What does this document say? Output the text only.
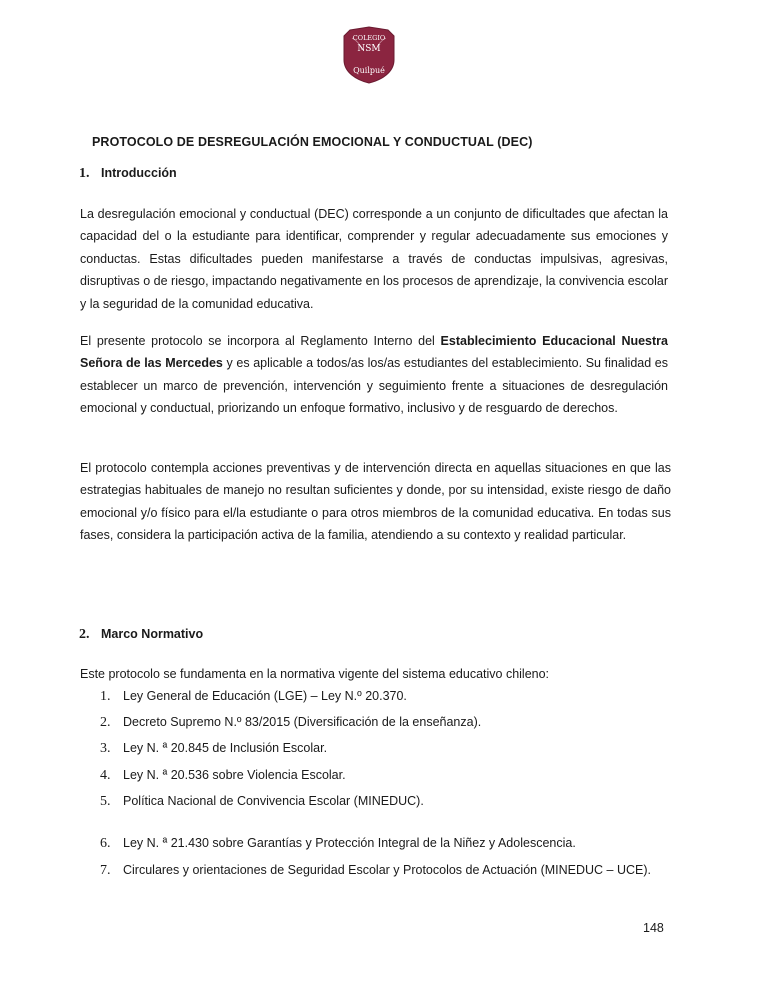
COLEGIO
NSM
Quilpué
PROTOCOLO DE DESREGULACIÓN EMOCIONAL Y CONDUCTUAL (DEC)
1. Introducción

La desregulación emocional y conductual (DEC) corresponde a un conjunto de dificultades que afectan la capacidad del o la estudiante para identificar, comprender y regular adecuadamente sus emociones y conductas. Estas dificultades pueden manifestarse a través de conductas impulsivas, agresivas, disruptivas o de riesgo, impactando negativamente en los procesos de aprendizaje, la convivencia escolar y la seguridad de la comunidad educativa.

El presente protocolo se incorpora al Reglamento Interno del Establecimiento Educacional Nuestra Señora de las Mercedes y es aplicable a todos/as los/as estudiantes del establecimiento. Su finalidad es establecer un marco de prevención, intervención y seguimiento frente a situaciones de desregulación emocional y conductual, priorizando un enfoque formativo, inclusivo y de resguardo de derechos.

El protocolo contempla acciones preventivas y de intervención directa en aquellas situaciones en que las estrategias habituales de manejo no resultan suficientes y donde, por su intensidad, existe riesgo de daño emocional y/o físico para el/la estudiante o para otros miembros de la comunidad educativa. En todas sus fases, considera la participación activa de la familia, atendiendo a su contexto y realidad particular.

2. Marco Normativo
Este protocolo se fundamenta en la normativa vigente del sistema educativo chileno:
1.	Ley General de Educación (LGE) – Ley N.º 20.370.
2.	Decreto Supremo N.º 83/2015 (Diversificación de la enseñanza).
3.	Ley N. ª 20.845 de Inclusión Escolar.
4.	Ley N. ª 20.536 sobre Violencia Escolar.
5.	Política Nacional de Convivencia Escolar (MINEDUC).
6.	Ley N. ª 21.430 sobre Garantías y Protección Integral de la Niñez y Adolescencia.
7.	Circulares y orientaciones de Seguridad Escolar y Protocolos de Actuación (MINEDUC – UCE).
148
